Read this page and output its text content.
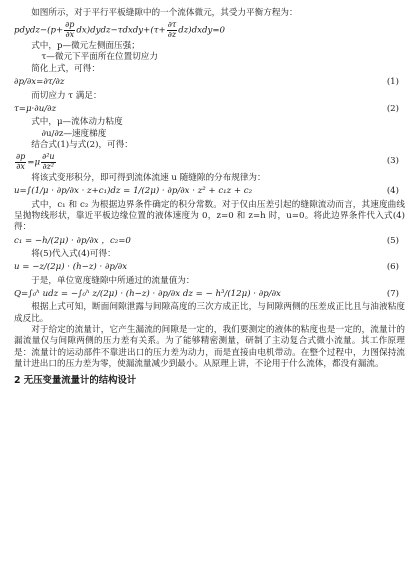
如图所示，对于平行平板缝隙中的一个流体微元，其受力平衡方程为：

pdydz−(p+ $\frac{\partial p}{\partial x}$ dx)dydz−τdxdy+(τ+ $\frac{\partial\tau}{\partial z}$ dz)dxdy=0

式中，p—微元左侧面压强；

τ—微元下平面所在位置切应力

简化上式，可得：

∂p/∂x=∂τ/∂z	(1)

而切应力 τ 满足：

τ=μ·∂u/∂z	(2)

式中，μ—流体动力粘度

∂u/∂z—速度梯度

结合式(1)与式(2)，可得：

$\frac{\partial p}{\partial x} =\mu \frac{\text{∂²u}}{\text{∂z²}}$	(3)

将该式变形积分，即可得到流体流速 u 随缝隙的分布规律为：

u=∫(1/μ · ∂p/∂x · z+c₁)dz = 1/(2μ) · ∂p/∂x · z² + c₁z + c₂	(4)

式中，c₁ 和 c₂ 为根据边界条件确定的积分常数。对于仅由压差引起的缝隙流动而言，其速度曲线呈抛物线形状，靠近平板边缘位置的液体速度为 0，z=0 和 z=h 时，u=0。将此边界条件代入式(4)得：

c₁ = −h/(2μ) · ∂p/∂x ，c₂=0	(5)

将(5)代入式(4)可得：

u = −z/(2μ) · (h−z) · ∂p/∂x	(6)

于是，单位宽度缝隙中所通过的流量值为：

Q=∫₀ʰ udz = −∫₀ʰ z/(2μ) · (h−z) · ∂p/∂x dz = − h³/(12μ) · ∂p/∂x	(7)

根据上式可知，断面间隙泄露与间隙高度的三次方成正比，与间隙两侧的压差成正比且与油液粘度成反比。

对于给定的流量计，它产生漏流的间隙是一定的，我们要测定的液体的粘度也是一定的，流量计的漏流量仅与间隙两侧的压力差有关系。为了能够精密测量，研制了主动复合式微小流量。其工作原理是：流量计的运动部件不靠进出口的压力差为动力，而是直接由电机带动。在整个过程中，力图保持流量计进出口的压力差为零，使漏流量减少到最小。从原理上讲，不论用于什么流体，都没有漏流。

2 无压变量流量计的结构设计
